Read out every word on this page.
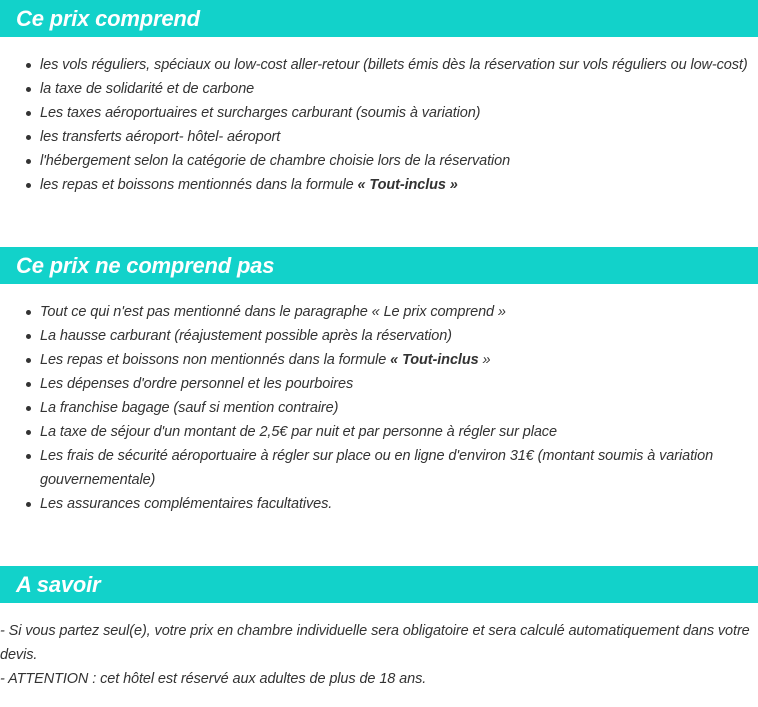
Ce prix comprend
les vols réguliers, spéciaux ou low-cost aller-retour (billets émis dès la réservation sur vols réguliers ou low-cost)
la taxe de solidarité et de carbone
Les taxes aéroportuaires et surcharges carburant (soumis à variation)
les transferts aéroport- hôtel- aéroport
l'hébergement selon la catégorie de chambre choisie lors de la réservation
les repas et boissons mentionnés dans la formule « Tout-inclus »
Ce prix ne comprend pas
Tout ce qui n'est pas mentionné dans le paragraphe « Le prix comprend »
La hausse carburant (réajustement possible après la réservation)
Les repas et boissons non mentionnés dans la formule « Tout-inclus »
Les dépenses d'ordre personnel et les pourboires
La franchise bagage (sauf si mention contraire)
La taxe de séjour d'un montant de 2,5€ par nuit et par personne à régler sur place
Les frais de sécurité aéroportuaire à régler sur place ou en ligne d'environ 31€ (montant soumis à variation gouvernementale)
Les assurances complémentaires facultatives.
A savoir
- Si vous partez seul(e), votre prix en chambre individuelle sera obligatoire et sera calculé automatiquement dans votre devis.
- ATTENTION : cet hôtel est réservé aux adultes de plus de 18 ans.
